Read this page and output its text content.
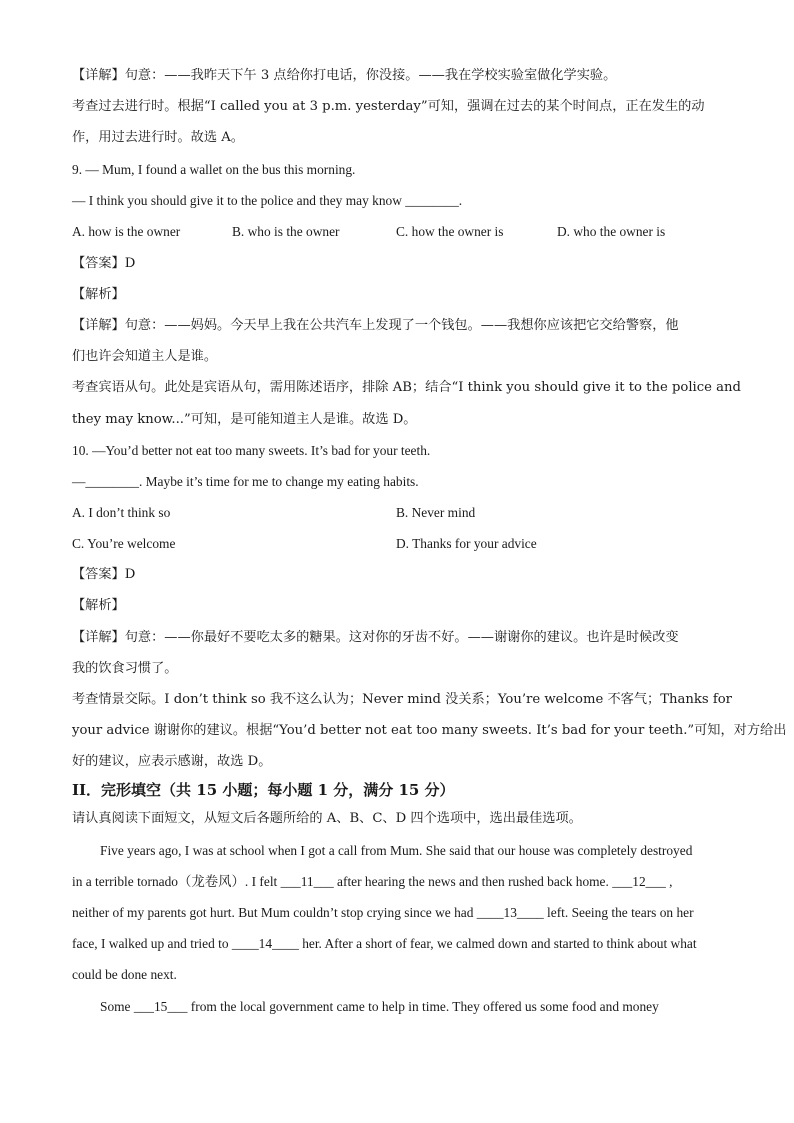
【详解】句意：——我昨天下午 3 点给你打电话，你没接。——我在学校实验室做化学实验。
考查过去进行时。根据“I called you at 3 p.m. yesterday”可知，强调在过去的某个时间点，正在发生的动
作，用过去进行时。故选 A。
9. — Mum, I found a wallet on the bus this morning.
— I think you should give it to the police and they may know ________.
A. how is the owner	B. who is the owner	C. how the owner is	D. who the owner is
【答案】D
【解析】
【详解】句意：——妈妈。今天早上我在公共汽车上发现了一个钱包。——我想你应该把它交给警察，他
们也许会知道主人是谁。
考查宾语从句。此处是宾语从句，需用陈述语序，排除 AB；结合“I think you should give it to the police and
they may know...”可知，是可能知道主人是谁。故选 D。
10. —You’d better not eat too many sweets. It’s bad for your teeth.
—________. Maybe it’s time for me to change my eating habits.
A. I don’t think so	B. Never mind
C. You’re welcome	D. Thanks for your advice
【答案】D
【解析】
【详解】句意：——你最好不要吃太多的糖果。这对你的牙齿不好。——谢谢你的建议。也许是时候改变
我的饮食习惯了。
考查情景交际。I don’t think so 我不这么认为；Never mind 没关系；You’re welcome 不客气；Thanks for
your advice 谢谢你的建议。根据“You’d better not eat too many sweets. It’s bad for your teeth.”可知，对方给出
好的建议，应表示感谢，故选 D。
II．完形填空（共 15 小题；每小题 1 分，满分 15 分）
请认真阅读下面短文，从短文后各题所给的 A、B、C、D 四个选项中，选出最佳选项。
Five years ago, I was at school when I got a call from Mum. She said that our house was completely destroyed
in a terrible tornado（龙卷风）. I felt ___11___ after hearing the news and then rushed back home. ___12___ ,
neither of my parents got hurt. But Mum couldn’t stop crying since we had ____13____ left. Seeing the tears on her
face, I walked up and tried to ____14____ her. After a short of fear, we calmed down and started to think about what
could be done next.
Some ___15___ from the local government came to help in time. They offered us some food and money
